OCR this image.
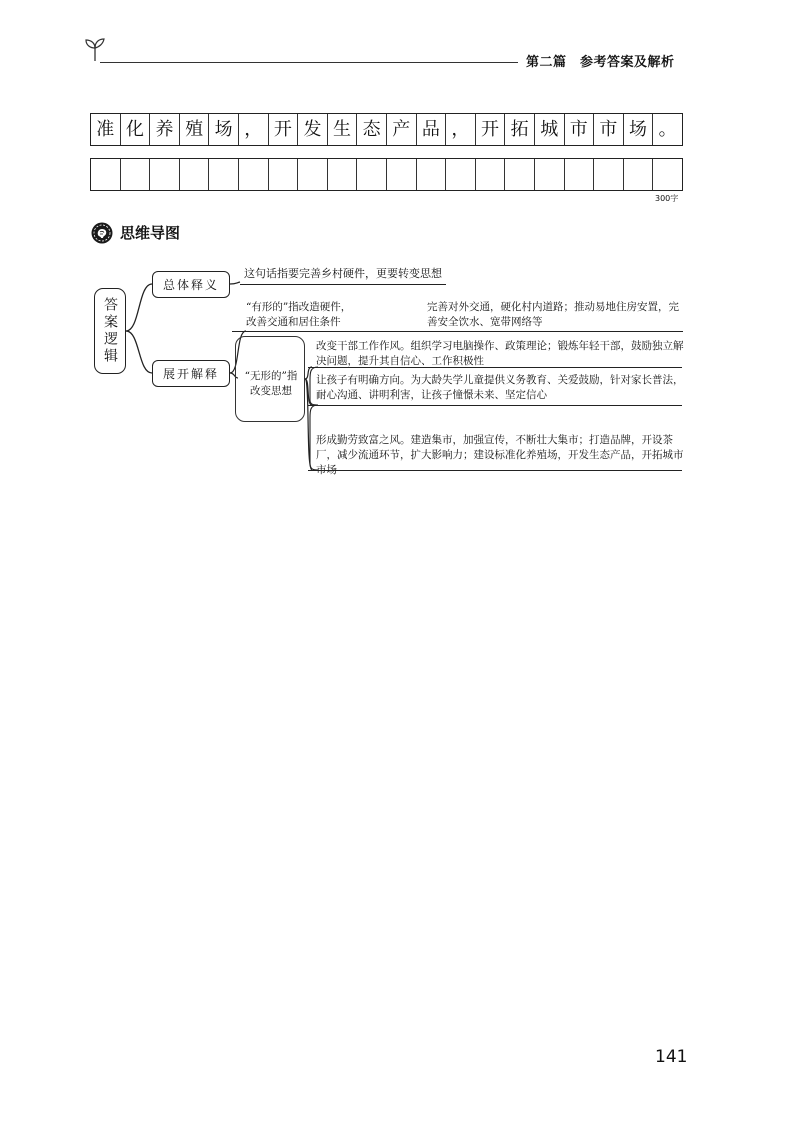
第二篇　参考答案及解析
准 化 养 殖 场 ， 开 发 生 态 产 品 ， 开 拓 城 市 市 场 。
300字
思维导图
答案逻辑
总体释义
这句话指要完善乡村硬件，更要转变思想
展开解释
“有形的”指改造硬件，
改善交通和居住条件
完善对外交通，硬化村内道路；推动易地住房安置，完善安全饮水、宽带网络等
“无形的”指改变思想
改变干部工作作风。组织学习电脑操作、政策理论；锻炼年轻干部，鼓励独立解决问题，提升其自信心、工作积极性
让孩子有明确方向。为大龄失学儿童提供义务教育、关爱鼓励，针对家长普法，耐心沟通、讲明利害，让孩子憧憬未来、坚定信心
形成勤劳致富之风。建造集市，加强宣传，不断壮大集市；打造品牌，开设茶厂，减少流通环节，扩大影响力；建设标准化养殖场，开发生态产品，开拓城市市场
141
